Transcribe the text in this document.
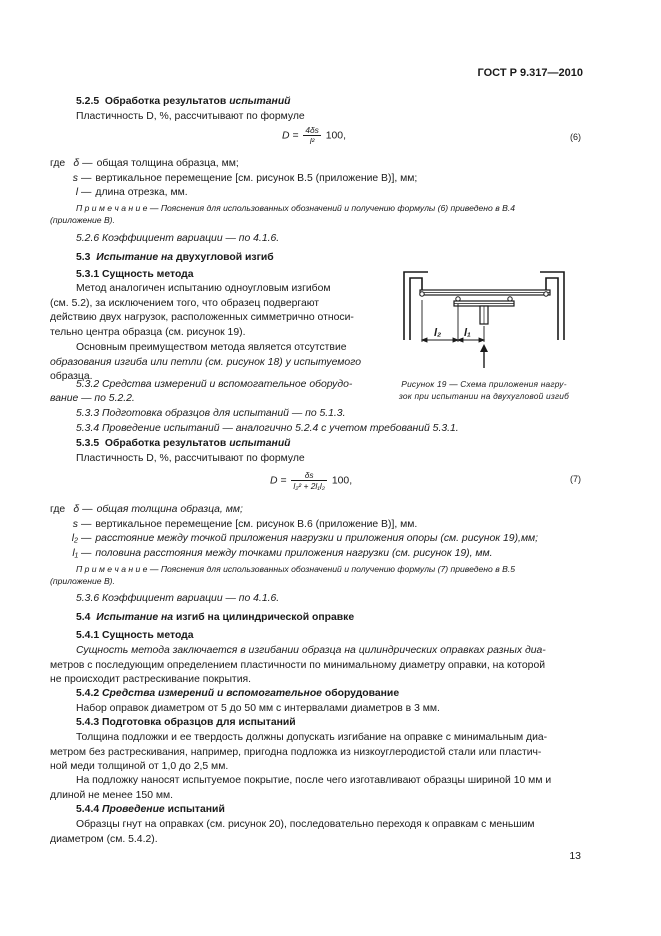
ГОСТ Р 9.317—2010
5.2.5 Обработка результатов испытаний
Пластичность D, %, рассчитывают по формуле
$D = \frac{4\delta s}{\text{l²}} 100$,	(6)
где δ — общая толщина образца, мм;
s — вертикальное перемещение [см. рисунок В.5 (приложение В)], мм;
l — длина отрезка, мм.
П р и м е ч а н и е — Пояснения для использованных обозначений и получению формулы (6) приведено в В.4
(приложение В).
5.2.6 Коэффициент вариации — по 4.1.6.
5.3 Испытание на двухугловой изгиб
5.3.1 Сущность метода
Метод аналогичен испытанию одноугловым изгибом
(см. 5.2), за исключением того, что образец подвергают
действию двух нагрузок, расположенных симметрично относи-
тельно центра образца (см. рисунок 19).
Основным преимуществом метода является отсутствие
образования изгиба или петли (см. рисунок 18) у испытуемого
образца.
l₂ l₁
Рисунок 19 — Схема приложения нагру-
зок при испытании на двухугловой изгиб
5.3.2 Средства измерений и вспомогательное оборудо-
вание — по 5.2.2.
5.3.3 Подготовка образцов для испытаний — по 5.1.3.
5.3.4 Проведение испытаний — аналогично 5.2.4 с учетом требований 5.3.1.
5.3.5 Обработка результатов испытаний
Пластичность D, %, рассчитывают по формуле
$D = \frac{\delta s}{\text{l₂² + 2l₁l₂}} 100$,	(7)
где δ — общая толщина образца, мм;
s — вертикальное перемещение [см. рисунок В.6 (приложение В)], мм.
l₂ — расстояние между точкой приложения нагрузки и приложения опоры (см. рисунок 19),мм;
l₁ — половина расстояния между точками приложения нагрузки (см. рисунок 19), мм.
П р и м е ч а н и е — Пояснения для использованных обозначений и получению формулы (7) приведено в В.5
(приложение В).
5.3.6 Коэффициент вариации — по 4.1.6.
5.4 Испытание на изгиб на цилиндрической оправке
5.4.1 Сущность метода
Сущность метода заключается в изгибании образца на цилиндрических оправках разных диа-
метров с последующим определением пластичности по минимальному диаметру оправки, на которой
не происходит растрескивание покрытия.
5.4.2 Средства измерений и вспомогательное оборудование
Набор оправок диаметром от 5 до 50 мм с интервалами диаметров в 3 мм.
5.4.3 Подготовка образцов для испытаний
Толщина подложки и ее твердость должны допускать изгибание на оправке с минимальным диа-
метром без растрескивания, например, пригодна подложка из низкоуглеродистой стали или пластич-
ной меди толщиной от 1,0 до 2,5 мм.
На подложку наносят испытуемое покрытие, после чего изготавливают образцы шириной 10 мм и
длиной не менее 150 мм.
5.4.4 Проведение испытаний
Образцы гнут на оправках (см. рисунок 20), последовательно переходя к оправкам с меньшим
диаметром (см. 5.4.2).
13
